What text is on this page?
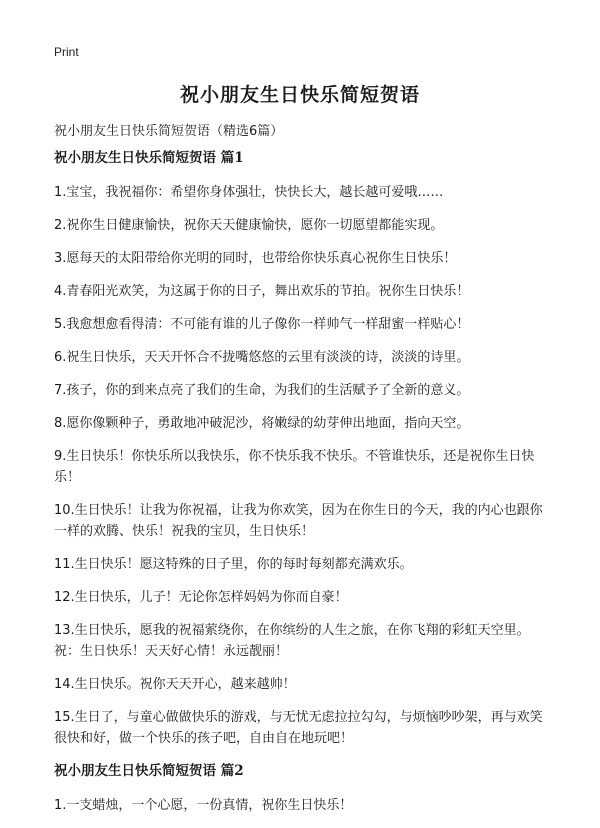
Print
祝小朋友生日快乐简短贺语

祝小朋友生日快乐简短贺语（精选6篇）

祝小朋友生日快乐简短贺语 篇1

1.宝宝，我祝福你：希望你身体强壮，快快长大，越长越可爱哦……

2.祝你生日健康愉快，祝你天天健康愉快，愿你一切愿望都能实现。

3.愿每天的太阳带给你光明的同时，也带给你快乐真心祝你生日快乐！

4.青春阳光欢笑，为这属于你的日子，舞出欢乐的节拍。祝你生日快乐！

5.我愈想愈看得清：不可能有谁的儿子像你一样帅气一样甜蜜一样贴心！

6.祝生日快乐，天天开怀合不拢嘴悠悠的云里有淡淡的诗，淡淡的诗里。

7.孩子，你的到来点亮了我们的生命，为我们的生活赋予了全新的意义。

8.愿你像颗种子，勇敢地冲破泥沙，将嫩绿的幼芽伸出地面，指向天空。

9.生日快乐！你快乐所以我快乐，你不快乐我不快乐。不管谁快乐，还是祝你生日快乐！

10.生日快乐！让我为你祝福，让我为你欢笑，因为在你生日的今天，我的内心也跟你一样的欢腾、快乐！祝我的宝贝，生日快乐！

11.生日快乐！愿这特殊的日子里，你的每时每刻都充满欢乐。

12.生日快乐，儿子！无论你怎样妈妈为你而自豪！

13.生日快乐，愿我的祝福萦绕你，在你缤纷的人生之旅，在你飞翔的彩虹天空里。祝：生日快乐！天天好心情！永远靓丽！

14.生日快乐。祝你天天开心，越来越帅！

15.生日了，与童心做做快乐的游戏，与无忧无虑拉拉勾勾，与烦恼吵吵架，再与欢笑很快和好，做一个快乐的孩子吧，自由自在地玩吧！

祝小朋友生日快乐简短贺语 篇2

1.一支蜡烛，一个心愿，一份真情，祝你生日快乐！
